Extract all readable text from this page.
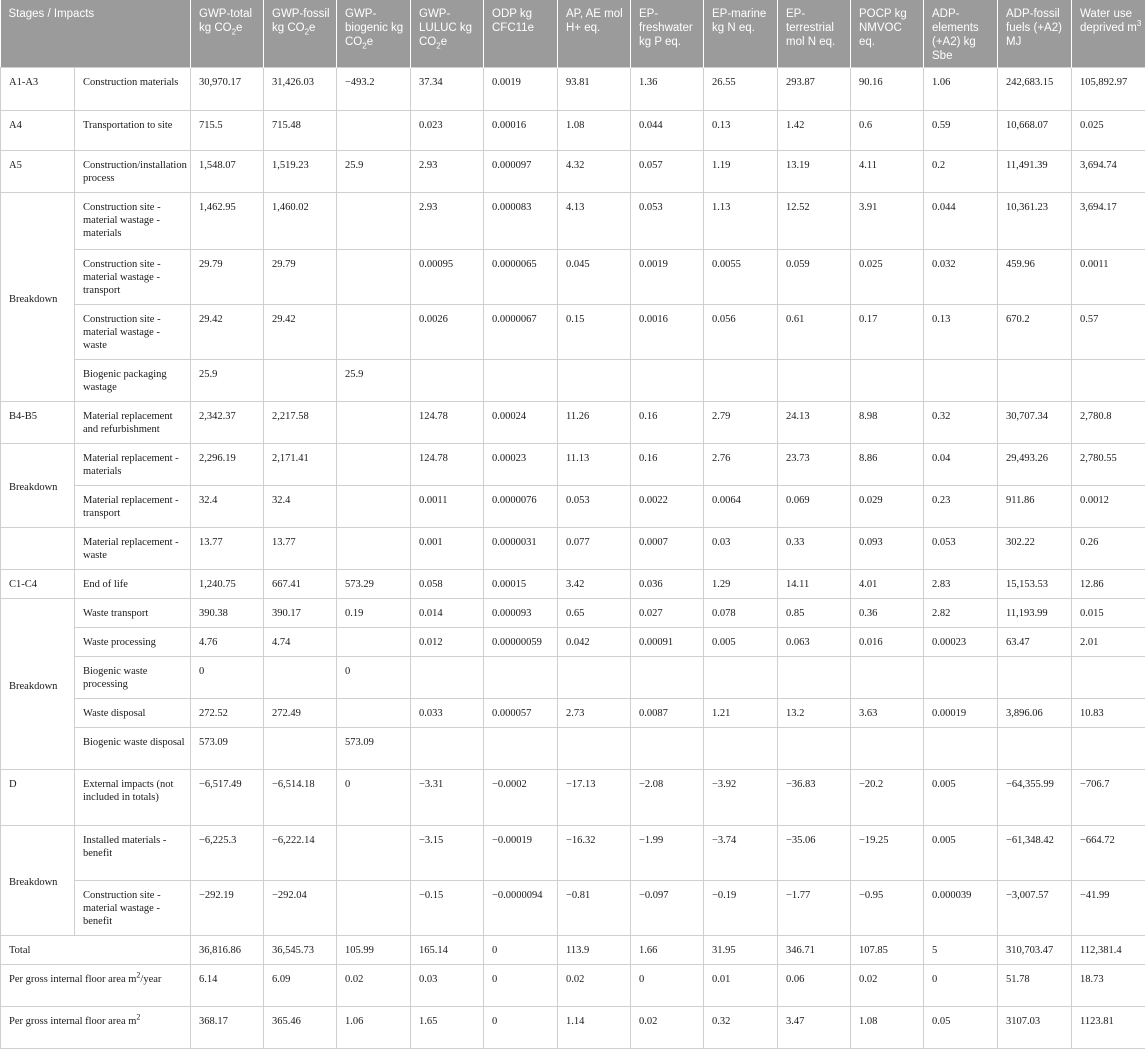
Stages / Impacts		GWP-total kg $CO_2e$	GWP-fossil kg $CO_2e$	GWP-biogenic kg $CO_2e$	GWP-LULUC kg $CO_2e$	ODP kg CFC11e	AP, AE mol H+ eq.	EP-freshwater kg P eq.	EP-marine kg N eq.	EP-terrestrial mol N eq.	POCP kg NMVOC eq.	ADP-elements (+A2) kg Sbe	ADP-fossil fuels (+A2) MJ	Water use deprived $m^3$
A1-A3	Construction materials	30,970.17	31,426.03	−493.2	37.34	0.0019	93.81	1.36	26.55	293.87	90.16	1.06	242,683.15	105,892.97
A4	Transportation to site	715.5	715.48		0.023	0.00016	1.08	0.044	0.13	1.42	0.6	0.59	10,668.07	0.025
A5	Construction/installation process	1,548.07	1,519.23	25.9	2.93	0.000097	4.32	0.057	1.19	13.19	4.11	0.2	11,491.39	3,694.74
Breakdown	Construction site - material wastage - materials	1,462.95	1,460.02		2.93	0.000083	4.13	0.053	1.13	12.52	3.91	0.044	10,361.23	3,694.17
	Construction site - material wastage - transport	29.79	29.79		0.00095	0.0000065	0.045	0.0019	0.0055	0.059	0.025	0.032	459.96	0.0011
	Construction site - material wastage - waste	29.42	29.42		0.0026	0.0000067	0.15	0.0016	0.056	0.61	0.17	0.13	670.2	0.57
	Biogenic packaging wastage	25.9		25.9										
B4-B5	Material replacement and refurbishment	2,342.37	2,217.58		124.78	0.00024	11.26	0.16	2.79	24.13	8.98	0.32	30,707.34	2,780.8
Breakdown	Material replacement - materials	2,296.19	2,171.41		124.78	0.00023	11.13	0.16	2.76	23.73	8.86	0.04	29,493.26	2,780.55
	Material replacement - transport	32.4	32.4		0.0011	0.0000076	0.053	0.0022	0.0064	0.069	0.029	0.23	911.86	0.0012
	Material replacement - waste	13.77	13.77		0.001	0.0000031	0.077	0.0007	0.03	0.33	0.093	0.053	302.22	0.26
C1-C4	End of life	1,240.75	667.41	573.29	0.058	0.00015	3.42	0.036	1.29	14.11	4.01	2.83	15,153.53	12.86
Breakdown	Waste transport	390.38	390.17	0.19	0.014	0.000093	0.65	0.027	0.078	0.85	0.36	2.82	11,193.99	0.015
	Waste processing	4.76	4.74		0.012	0.00000059	0.042	0.00091	0.005	0.063	0.016	0.00023	63.47	2.01
	Biogenic waste processing	0		0										
	Waste disposal	272.52	272.49		0.033	0.000057	2.73	0.0087	1.21	13.2	3.63	0.00019	3,896.06	10.83
	Biogenic waste disposal	573.09		573.09										
D	External impacts (not included in totals)	−6,517.49	−6,514.18	0	−3.31	−0.0002	−17.13	−2.08	−3.92	−36.83	−20.2	0.005	−64,355.99	−706.7
Breakdown	Installed materials - benefit	−6,225.3	−6,222.14		−3.15	−0.00019	−16.32	−1.99	−3.74	−35.06	−19.25	0.005	−61,348.42	−664.72
	Construction site - material wastage - benefit	−292.19	−292.04		−0.15	−0.0000094	−0.81	−0.097	−0.19	−1.77	−0.95	0.000039	−3,007.57	−41.99
Total		36,816.86	36,545.73	105.99	165.14	0	113.9	1.66	31.95	346.71	107.85	5	310,703.47	112,381.4
Per gross internal floor area $m^2$/year		6.14	6.09	0.02	0.03	0	0.02	0	0.01	0.06	0.02	0	51.78	18.73
Per gross internal floor area $m^2$		368.17	365.46	1.06	1.65	0	1.14	0.02	0.32	3.47	1.08	0.05	3107.03	1123.81
